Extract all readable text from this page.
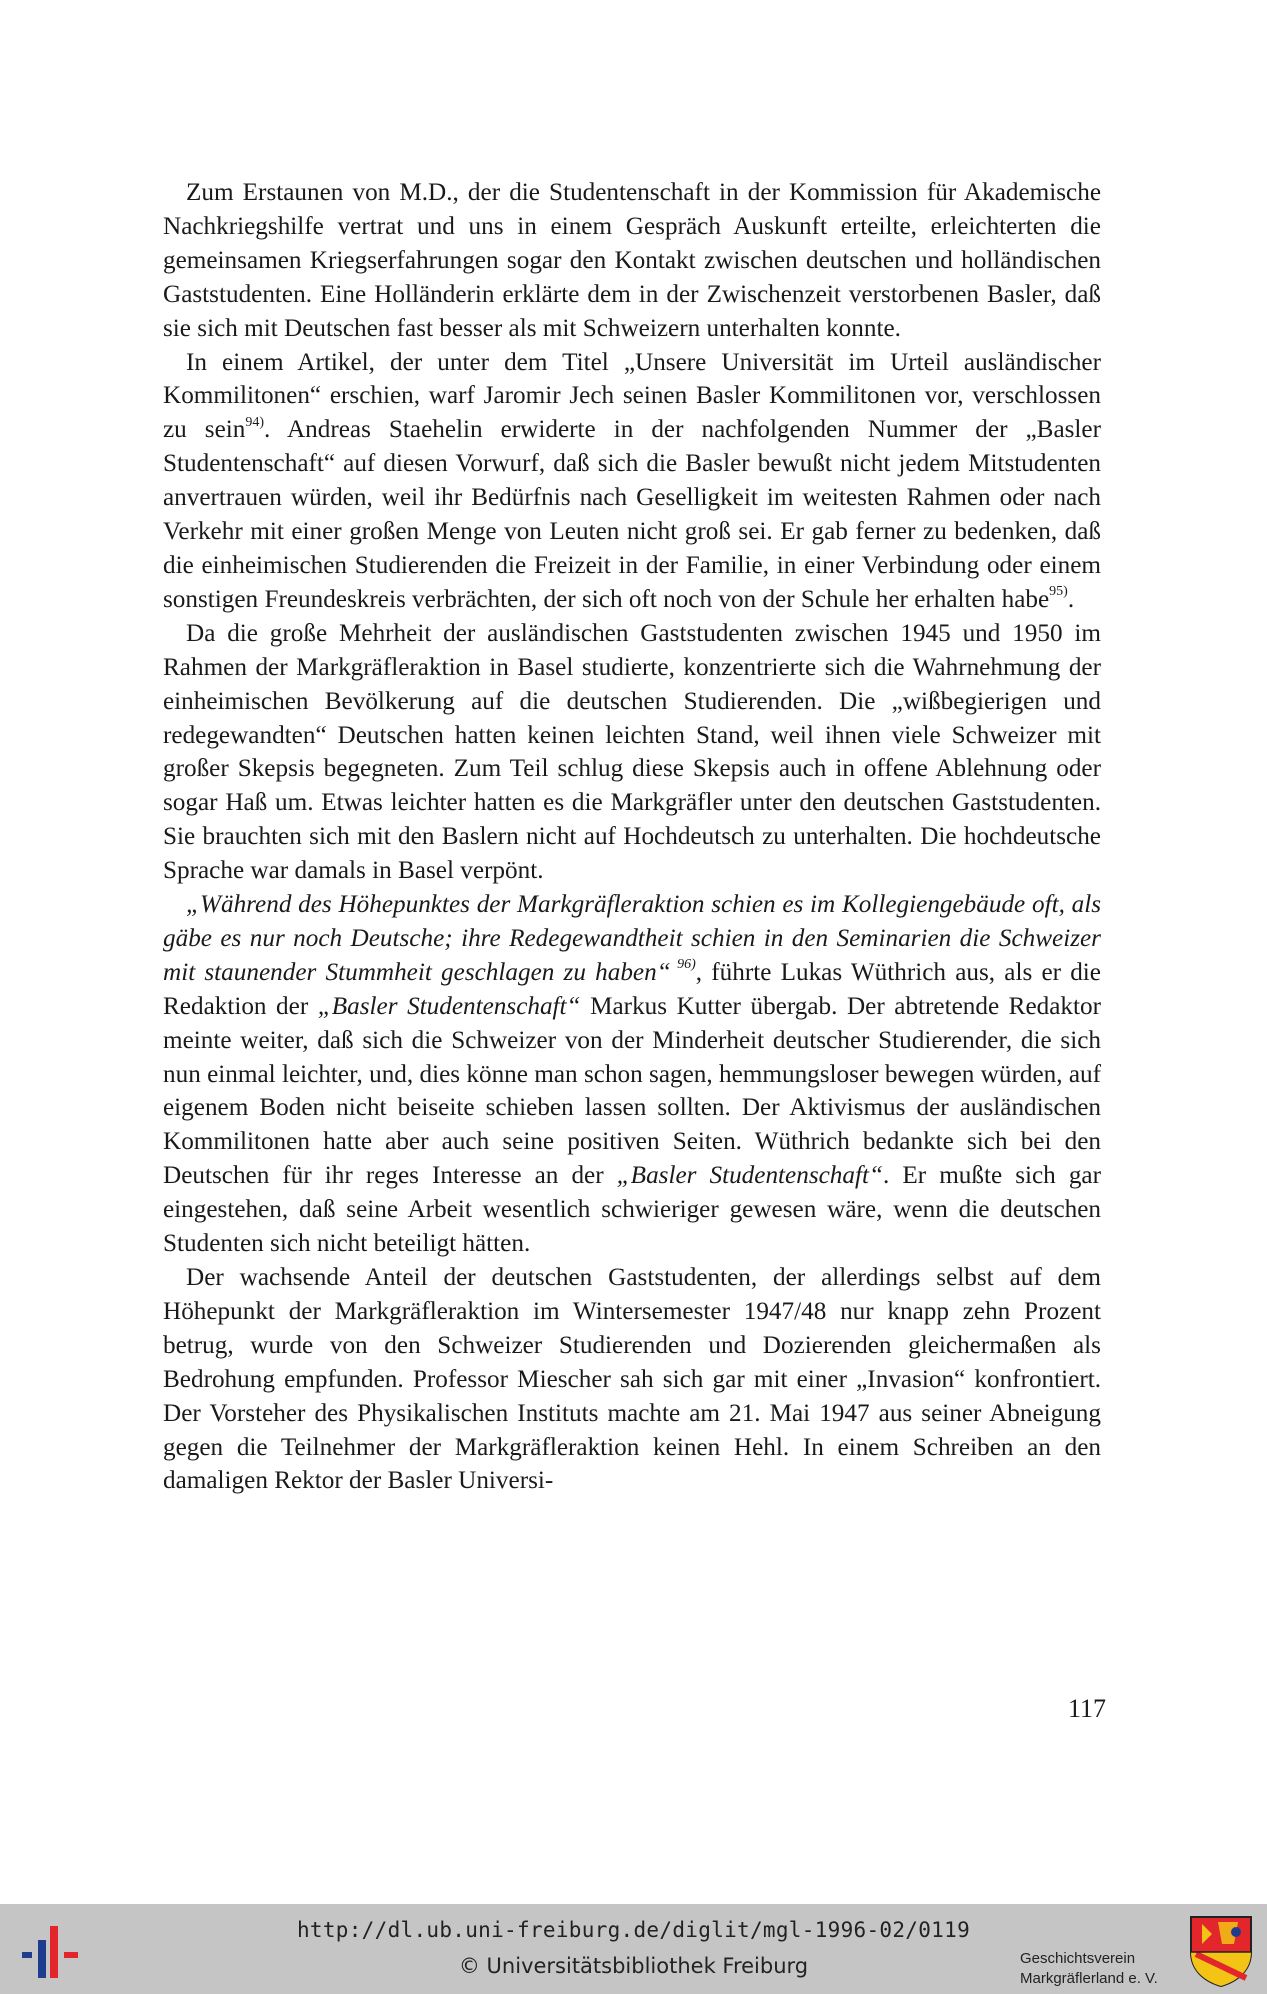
Zum Erstaunen von M.D., der die Studentenschaft in der Kommission für Akademische Nachkriegshilfe vertrat und uns in einem Gespräch Auskunft erteilte, erleichterten die gemeinsamen Kriegserfahrungen sogar den Kontakt zwischen deutschen und holländischen Gaststudenten. Eine Holländerin erklärte dem in der Zwischenzeit verstorbenen Basler, daß sie sich mit Deutschen fast besser als mit Schweizern unterhalten konnte.

In einem Artikel, der unter dem Titel „Unsere Universität im Urteil ausländischer Kommilitonen“ erschien, warf Jaromir Jech seinen Basler Kommilitonen vor, verschlossen zu sein$^{94)}$. Andreas Staehelin erwiderte in der nachfolgenden Nummer der „Basler Studentenschaft“ auf diesen Vorwurf, daß sich die Basler bewußt nicht jedem Mitstudenten anvertrauen würden, weil ihr Bedürfnis nach Geselligkeit im weitesten Rahmen oder nach Verkehr mit einer großen Menge von Leuten nicht groß sei. Er gab ferner zu bedenken, daß die einheimischen Studierenden die Freizeit in der Familie, in einer Verbindung oder einem sonstigen Freundeskreis verbrächten, der sich oft noch von der Schule her erhalten habe$^{95)}$.

Da die große Mehrheit der ausländischen Gaststudenten zwischen 1945 und 1950 im Rahmen der Markgräfleraktion in Basel studierte, konzentrierte sich die Wahrnehmung der einheimischen Bevölkerung auf die deutschen Studierenden. Die „wißbegierigen und redegewandten“ Deutschen hatten keinen leichten Stand, weil ihnen viele Schweizer mit großer Skepsis begegneten. Zum Teil schlug diese Skepsis auch in offene Ablehnung oder sogar Haß um. Etwas leichter hatten es die Markgräfler unter den deutschen Gaststudenten. Sie brauchten sich mit den Baslern nicht auf Hochdeutsch zu unterhalten. Die hochdeutsche Sprache war damals in Basel verpönt.

„Während des Höhepunktes der Markgräfleraktion schien es im Kollegiengebäude oft, als gäbe es nur noch Deutsche; ihre Redegewandtheit schien in den Seminarien die Schweizer mit staunender Stummheit geschlagen zu haben“ $^{96)}$, führte Lukas Wüthrich aus, als er die Redaktion der „Basler Studentenschaft“ Markus Kutter übergab. Der abtretende Redaktor meinte weiter, daß sich die Schweizer von der Minderheit deutscher Studierender, die sich nun einmal leichter, und, dies könne man schon sagen, hemmungsloser bewegen würden, auf eigenem Boden nicht beiseite schieben lassen sollten. Der Aktivismus der ausländischen Kommilitonen hatte aber auch seine positiven Seiten. Wüthrich bedankte sich bei den Deutschen für ihr reges Interesse an der „Basler Studentenschaft“. Er mußte sich gar eingestehen, daß seine Arbeit wesentlich schwieriger gewesen wäre, wenn die deutschen Studenten sich nicht beteiligt hätten.

Der wachsende Anteil der deutschen Gaststudenten, der allerdings selbst auf dem Höhepunkt der Markgräfleraktion im Wintersemester 1947/48 nur knapp zehn Prozent betrug, wurde von den Schweizer Studierenden und Dozierenden gleichermaßen als Bedrohung empfunden. Professor Miescher sah sich gar mit einer „Invasion“ konfrontiert. Der Vorsteher des Physikalischen Instituts machte am 21. Mai 1947 aus seiner Abneigung gegen die Teilnehmer der Markgräfleraktion keinen Hehl. In einem Schreiben an den damaligen Rektor der Basler Universi-

117
http://dl.ub.uni-freiburg.de/diglit/mgl-1996-02/0119
© Universitätsbibliothek Freiburg	Geschichtsverein
Markgräflerland e. V.
